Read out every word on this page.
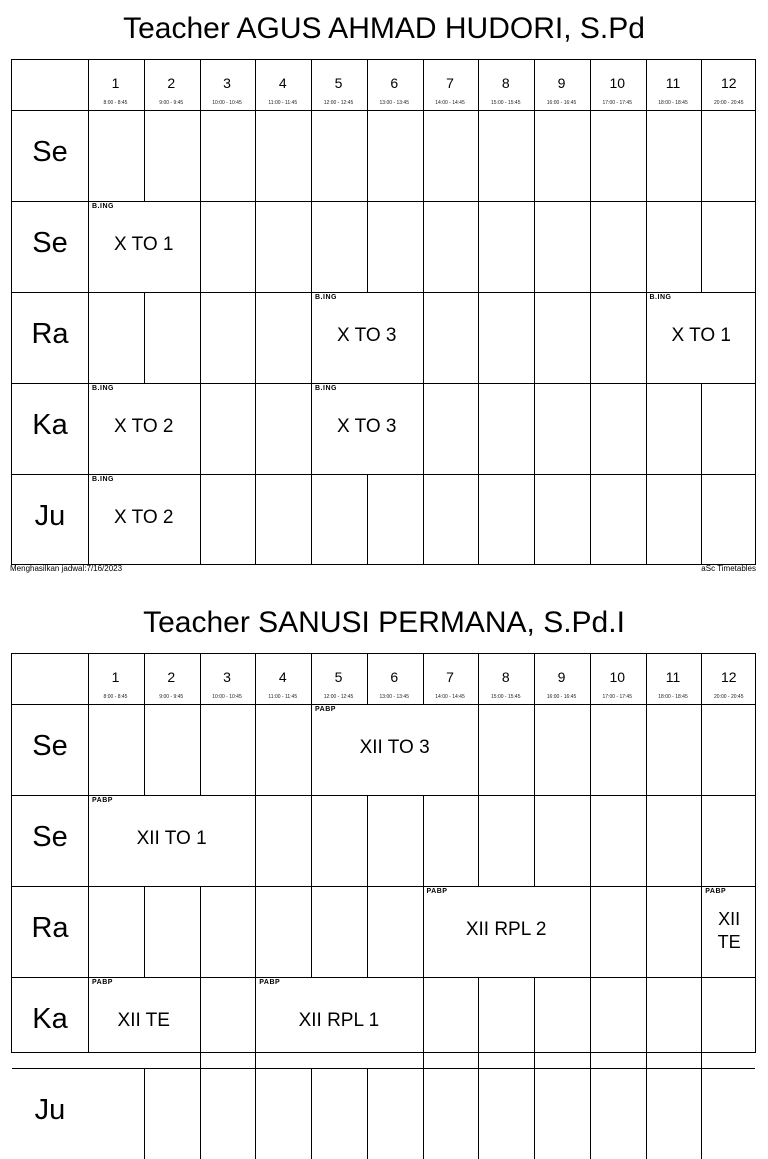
Teacher AGUS AHMAD HUDORI, S.Pd
1
8:00 - 8:45
2
9:00 - 9:45
3
10:00 - 10:45
4
11:00 - 11:45
5
12:00 - 12:45
6
13:00 - 13:45
7
14:00 - 14:45
8
15:00 - 15:45
9
16:00 - 16:45
10
17:00 - 17:45
11
18:00 - 18:45
12
20:00 - 20:45
Se
Se
Ra
Ka
Ju
B.ING
X TO 1
B.ING
X TO 3
B.ING
X TO 1
B.ING
X TO 2
B.ING
X TO 3
B.ING
X TO 2
Menghasilkan jadwal:7/16/2023	aSc Timetables
Teacher SANUSI PERMANA, S.Pd.I
1
8:00 - 8:45
2
9:00 - 9:45
3
10:00 - 10:45
4
11:00 - 11:45
5
12:00 - 12:45
6
13:00 - 13:45
7
14:00 - 14:45
8
15:00 - 15:45
9
16:00 - 16:45
10
17:00 - 17:45
11
18:00 - 18:45
12
20:00 - 20:45
Se
Se
Ra
Ka
Ju
PABP
XII TO 3
PABP
XII TO 1
PABP
XII RPL 2
PABP
XII TE
PABP
XII TE
PABP
XII RPL 1
